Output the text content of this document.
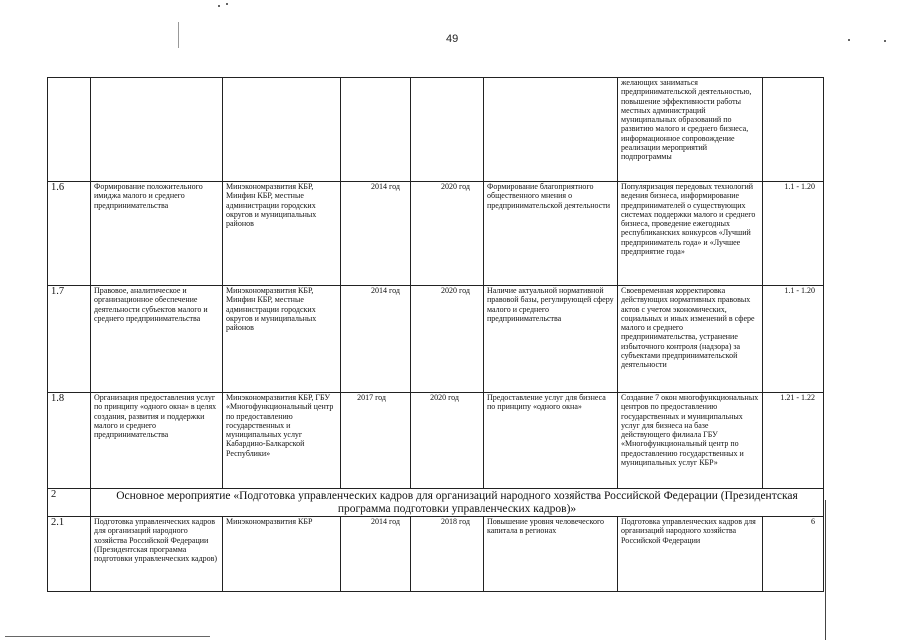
49
						желающих заниматься предпринимательской деятельностью, повышение эффективности работы местных администраций муниципальных образований по развитию малого и среднего бизнеса, информационное сопровождение реализации мероприятий подпрограммы	
1.6	Формирование положительного имиджа малого и среднего предпринимательства	Минэкономразвития КБР, Минфин КБР, местные администрации городских округов и муниципальных районов	2014 год	2020 год	Формирование благоприятного общественного мнения о предпринимательской деятельности	Популяризация передовых технологий ведения бизнеса, информирование предпринимателей о существующих системах поддержки малого и среднего бизнеса, проведение ежегодных республиканских конкурсов «Лучший предприниматель года» и «Лучшее предприятие года»	1.1 - 1.20
1.7	Правовое, аналитическое и организационное обеспечение деятельности субъектов малого и среднего предпринимательства	Минэкономразвития КБР, Минфин КБР, местные администрации городских округов и муниципальных районов	2014 год	2020 год	Наличие актуальной нормативной правовой базы, регулирующей сферу малого и среднего предпринимательства	Своевременная корректировка действующих нормативных правовых актов с учетом экономических, социальных и иных изменений в сфере малого и среднего предпринимательства, устранение избыточного контроля (надзора) за субъектами предпринимательской деятельности	1.1 - 1.20
1.8	Организация предоставления услуг по принципу «одного окна» в целях создания, развития и поддержки малого и среднего предпринимательства	Минэкономразвития КБР, ГБУ «Многофункциональный центр по предоставлению государственных и муниципальных услуг Кабардино-Балкарской Республики»	2017 год	2020 год	Предоставление услуг для бизнеса по принципу «одного окна»	Создание 7 окон многофункциональных центров по предоставлению государственных и муниципальных услуг для бизнеса на базе действующего филиала ГБУ «Многофункциональный центр по предоставлению государственных и муниципальных услуг КБР»	1.21 - 1.22
2	Основное мероприятие «Подготовка управленческих кадров для организаций народного хозяйства Российской Федерации (Президентская программа подготовки управленческих кадров)»						
2.1	Подготовка управленческих кадров для организаций народного хозяйства Российской Федерации (Президентская программа подготовки управленческих кадров)	Минэкономразвития КБР	2014 год	2018 год	Повышение уровня человеческого капитала в регионах	Подготовка управленческих кадров для организаций народного хозяйства Российской Федерации	6
